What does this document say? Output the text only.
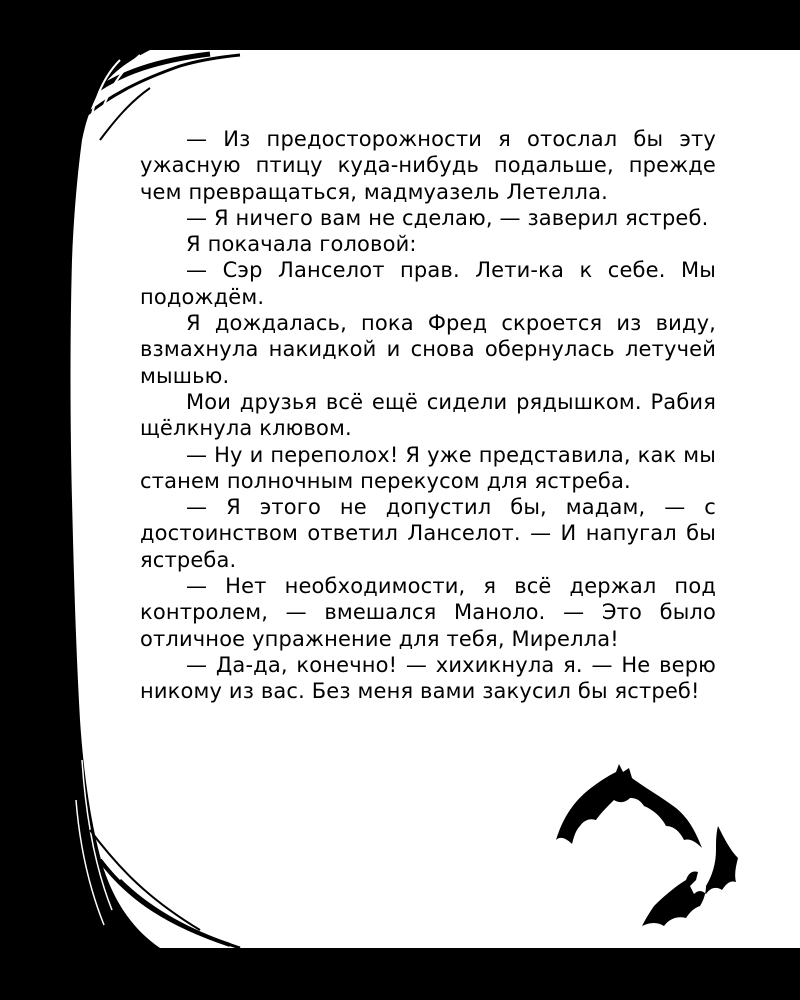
— Из предосторожности я отослал бы эту ужасную птицу куда-нибудь подальше, прежде чем превращаться, мадмуазель Летелла.

— Я ничего вам не сделаю, — заверил ястреб.

Я покачала головой:

— Сэр Ланселот прав. Лети-ка к себе. Мы подождём.

Я дождалась, пока Фред скроется из виду, взмахнула накидкой и снова обернулась летучей мышью.

Мои друзья всё ещё сидели рядышком. Рабия щёлкнула клювом.

— Ну и переполох! Я уже представила, как мы станем полночным перекусом для ястреба.

— Я этого не допустил бы, мадам, — с достоинством ответил Ланселот. — И напугал бы ястреба.

— Нет необходимости, я всё держал под контролем, — вмешался Маноло. — Это было отличное упражнение для тебя, Мирелла!

— Да-да, конечно! — хихикнула я. — Не верю никому из вас. Без меня вами закусил бы ястреб!
